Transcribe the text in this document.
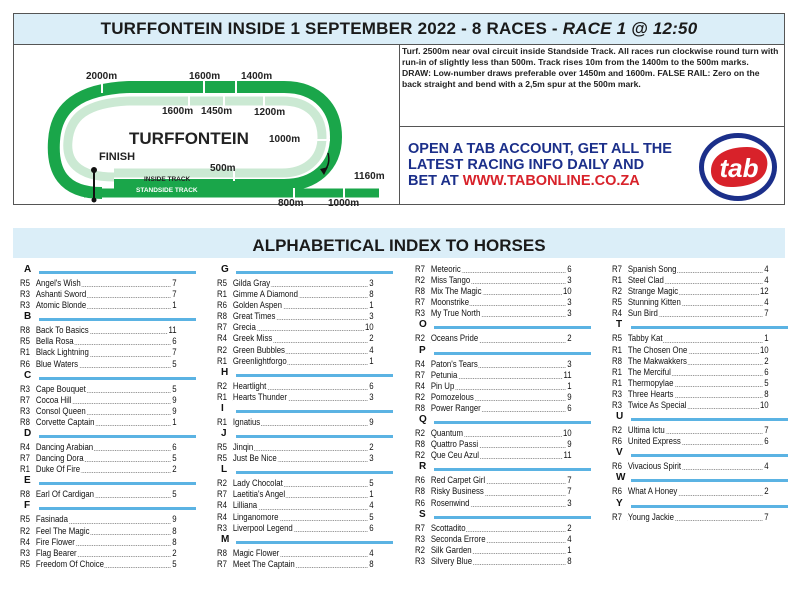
TURFFONTEIN INSIDE 1 SEPTEMBER 2022 - 8 RACES - RACE 1 @ 12:50
2000m	1600m 1400m
1600m 1450m 1200m
1000m
500m
1160m
800m 1000m
TURFFONTEIN
FINISH
INSIDE TRACK
STANDSIDE TRACK
Turf. 2500m near oval circuit inside Standside Track. All races run clockwise round turn with run-in of slightly less than 500m. Track rises 10m from the 1400m to the 500m marks. DRAW: Low-number draws preferable over 1450m and 1600m. FALSE RAIL: Zero on the back straight and bend with a 2,5m spur at the 500m mark.
OPEN A TAB ACCOUNT, GET ALL THE
LATEST RACING INFO DAILY AND
BET AT WWW.TABONLINE.CO.ZA	tab
ALPHABETICAL INDEX TO HORSES
A
R5 Angel's Wish	7
R3 Ashanti Sword	7
R3 Atomic Blonde	1
B
R8 Back To Basics	11
R5 Bella Rosa	6
R1 Black Lightning	7
R6 Blue Waters	5
C
R3 Cape Bouquet	5
R7 Cocoa Hill	9
R3 Consol Queen	9
R8 Corvette Captain	1
D
R4 Dancing Arabian	6
R7 Dancing Dora	5
R1 Duke Of Fire	2
E
R8 Earl Of Cardigan	5
F
R5 Fasinada	9
R2 Feel The Magic	8
R4 Fire Flower	8
R3 Flag Bearer	2
R5 Freedom Of Choice	5
G
R5 Gilda Gray	3
R1 Gimme A Diamond	8
R6 Golden Aspen	1
R8 Great Times	3
R7 Grecia	10
R4 Greek Miss	2
R2 Green Bubbles	4
R1 Greenlightforgo	1
H
R2 Heartlight	6
R1 Hearts Thunder	3
I
R1 Ignatius	9
J
R5 Jinqin	2
R5 Just Be Nice	3
L
R2 Lady Chocolat	5
R7 Laetitia's Angel	1
R4 Lilliana	4
R4 Linganomore	5
R3 Liverpool Legend	6
M
R8 Magic Flower	4
R7 Meet The Captain	8
R7 Meteoric	6
R2 Miss Tango	3
R8 Mix The Magic	10
R7 Moonstrike	3
R3 My True North	3
O
R2 Oceans Pride	2
P
R4 Paton's Tears	3
R7 Petunia	11
R4 Pin Up	1
R2 Pomozelous	9
R8 Power Ranger	6
Q
R2 Quantum	10
R8 Quattro Passi	9
R2 Que Ceu Azul	11
R
R6 Red Carpet Girl	7
R8 Risky Business	7
R6 Rosenwind	3
S
R7 Scottadito	2
R3 Seconda Errore	4
R2 Silk Garden	1
R3 Silvery Blue	8
R7 Spanish Song	4
R1 Steel Clad	4
R2 Strange Magic	12
R5 Stunning Kitten	4
R4 Sun Bird	7
T
R5 Tabby Kat	1
R1 The Chosen One	10
R8 The Makwakkers	2
R1 The Merciful	6
R1 Thermopylae	5
R3 Three Hearts	8
R3 Twice As Special	10
U
R2 Ultima Ictu	7
R6 United Express	6
V
R6 Vivacious Spirit	4
W
R6 What A Honey	2
Y
R7 Young Jackie	7
